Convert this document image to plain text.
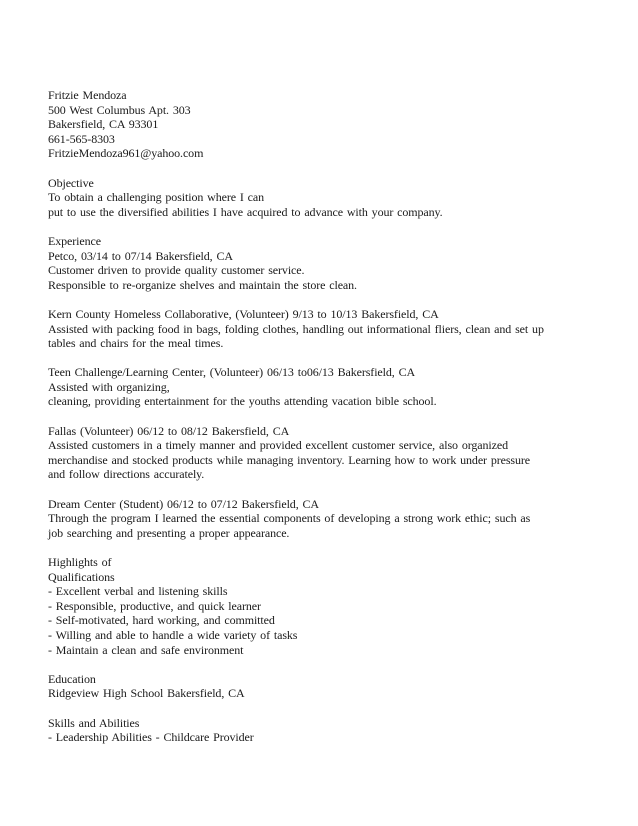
Fritzie Mendoza
500 West Columbus Apt. 303
Bakersfield, CA 93301
661-565-8303
FritzieMendoza961@yahoo.com
Objective
To obtain a challenging position where I can
put to use the diversified abilities I have acquired to advance with your company.
Experience
Petco, 03/14 to 07/14 Bakersfield, CA
Customer driven to provide quality customer service.
Responsible to re-organize shelves and maintain the store clean.
Kern County Homeless Collaborative, (Volunteer) 9/13 to 10/13 Bakersfield, CA
Assisted with packing food in bags, folding clothes, handling out informational fliers, clean and set up
tables and chairs for the meal times.
Teen Challenge/Learning Center, (Volunteer) 06/13 to06/13 Bakersfield, CA
Assisted with organizing,
cleaning, providing entertainment for the youths attending vacation bible school.
Fallas (Volunteer) 06/12 to 08/12 Bakersfield, CA
Assisted customers in a timely manner and provided excellent customer service, also organized
merchandise and stocked products while managing inventory. Learning how to work under pressure
and follow directions accurately.
Dream Center (Student) 06/12 to 07/12 Bakersfield, CA
Through the program I learned the essential components of developing a strong work ethic; such as
job searching and presenting a proper appearance.
Highlights of
Qualifications
- Excellent verbal and listening skills
- Responsible, productive, and quick learner
- Self-motivated, hard working, and committed
- Willing and able to handle a wide variety of tasks
- Maintain a clean and safe environment
Education
Ridgeview High School Bakersfield, CA
Skills and Abilities
- Leadership Abilities - Childcare Provider
